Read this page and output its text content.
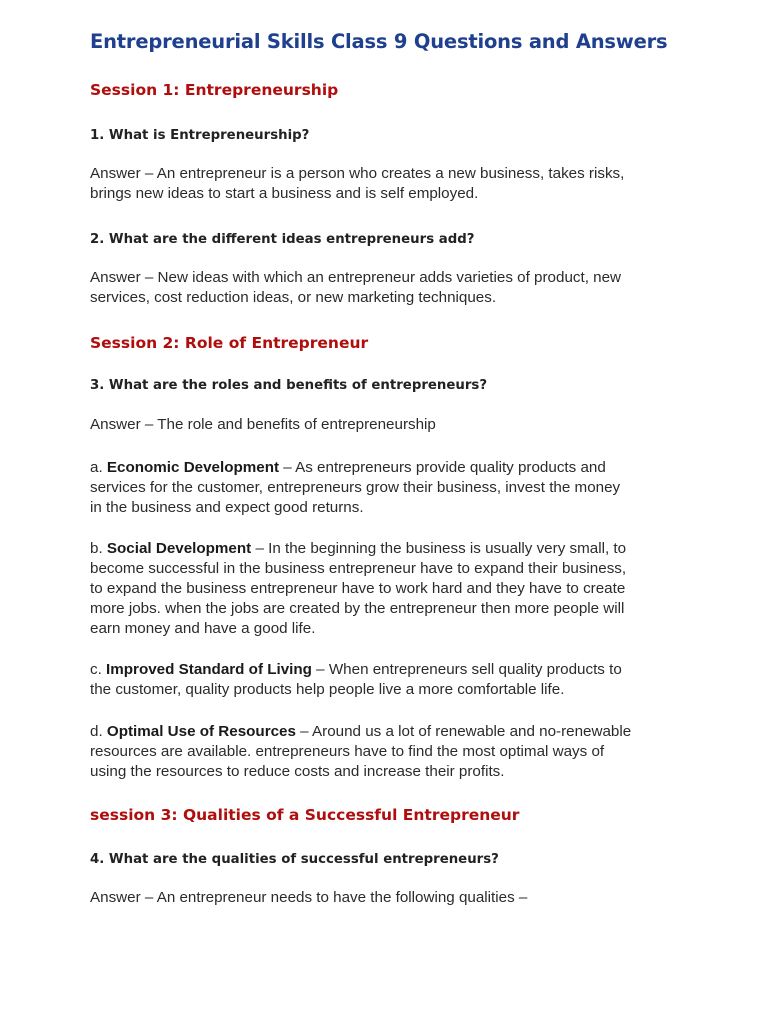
Entrepreneurial Skills Class 9 Questions and Answers
Session 1: Entrepreneurship
1. What is Entrepreneurship?

Answer – An entrepreneur is a person who creates a new business, takes risks,
brings new ideas to start a business and is self employed.

2. What are the different ideas entrepreneurs add?

Answer – New ideas with which an entrepreneur adds varieties of product, new
services, cost reduction ideas, or new marketing techniques.

Session 2: Role of Entrepreneur
3. What are the roles and benefits of entrepreneurs?

Answer – The role and benefits of entrepreneurship

a. Economic Development – As entrepreneurs provide quality products and
services for the customer, entrepreneurs grow their business, invest the money
in the business and expect good returns.

b. Social Development – In the beginning the business is usually very small, to
become successful in the business entrepreneur have to expand their business,
to expand the business entrepreneur have to work hard and they have to create
more jobs. when the jobs are created by the entrepreneur then more people will
earn money and have a good life.

c. Improved Standard of Living – When entrepreneurs sell quality products to
the customer, quality products help people live a more comfortable life.

d. Optimal Use of Resources – Around us a lot of renewable and no-renewable
resources are available. entrepreneurs have to find the most optimal ways of
using the resources to reduce costs and increase their profits.

session 3: Qualities of a Successful Entrepreneur
4. What are the qualities of successful entrepreneurs?

Answer – An entrepreneur needs to have the following qualities –
